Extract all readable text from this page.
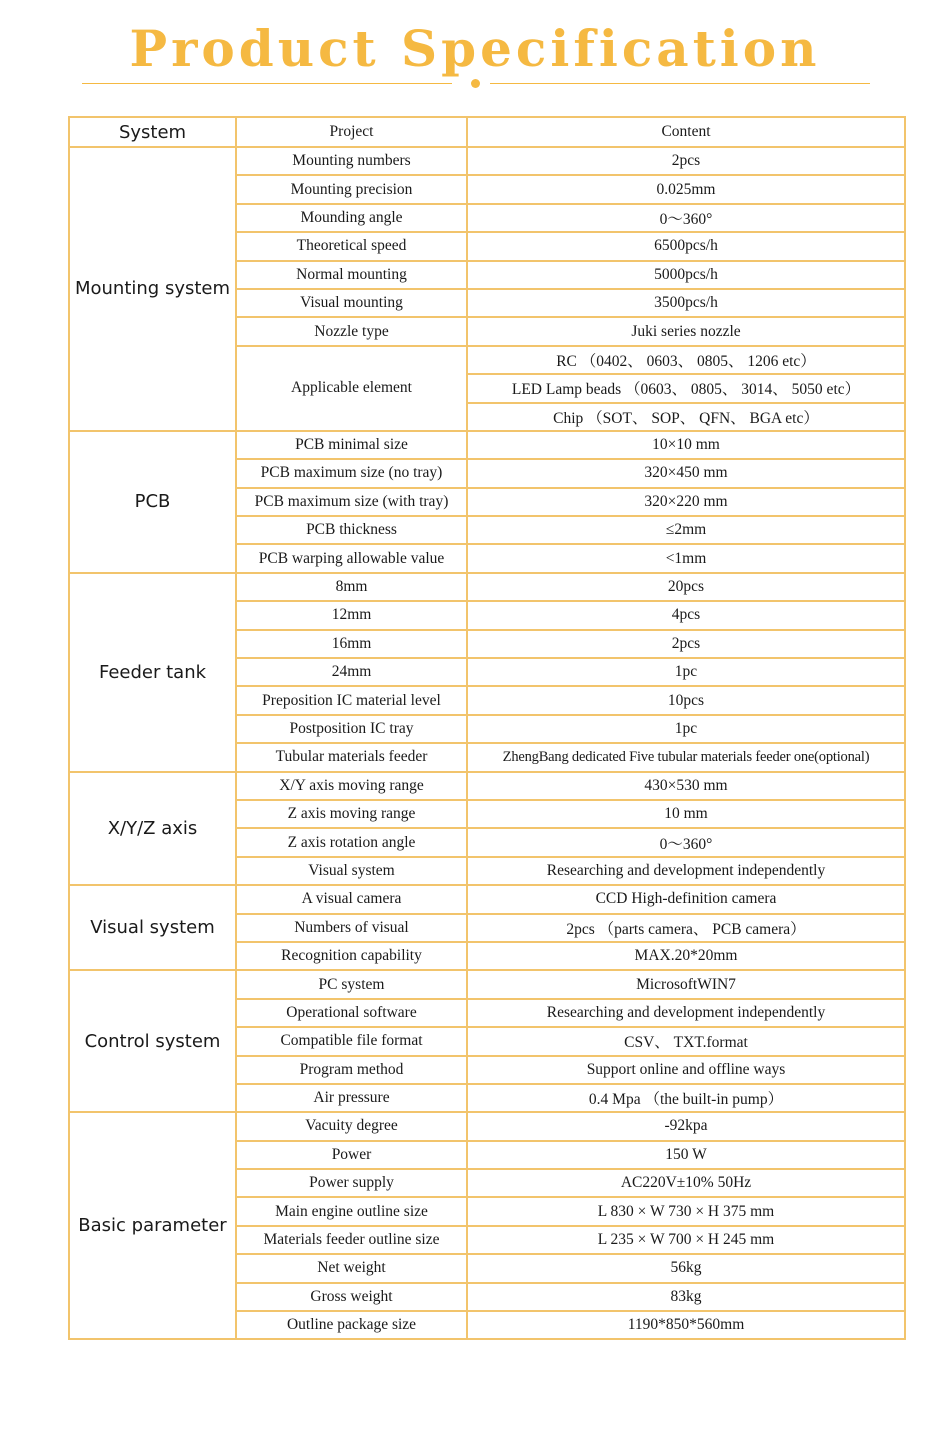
Product Specification
System	Project	Content
Mounting system	Mounting numbers	2pcs
	Mounting precision	0.025mm
	Mounding angle	0～360°
	Theoretical speed	6500pcs/h
	Normal mounting	5000pcs/h
	Visual mounting	3500pcs/h
	Nozzle type	Juki series nozzle
	Applicable element	RC （0402、 0603、 0805、 1206 etc）
		LED Lamp beads （0603、 0805、 3014、 5050 etc）
		Chip （SOT、 SOP、 QFN、 BGA etc）
PCB	PCB minimal size	10×10 mm
	PCB maximum size (no tray)	320×450 mm
	PCB maximum size (with tray)	320×220 mm
	PCB thickness	≤2mm
	PCB warping allowable value	<1mm
Feeder tank	8mm	20pcs
	12mm	4pcs
	16mm	2pcs
	24mm	1pc
	Preposition IC material level	10pcs
	Postposition IC tray	1pc
	Tubular materials feeder	ZhengBang dedicated Five tubular materials feeder one(optional)
X/Y/Z axis	X/Y axis moving range	430×530 mm
	Z axis moving range	10 mm
	Z axis rotation angle	0～360°
	Visual system	Researching and development independently
Visual system	A visual camera	CCD High-definition camera
	Numbers of visual	2pcs （parts camera、 PCB camera）
	Recognition capability	MAX.20*20mm
Control system	PC system	MicrosoftWIN7
	Operational software	Researching and development independently
	Compatible file format	CSV、 TXT.format
	Program method	Support online and offline ways
	Air pressure	0.4 Mpa （the built-in pump）
Basic parameter	Vacuity degree	-92kpa
	Power	150 W
	Power supply	AC220V±10% 50Hz
	Main engine outline size	L 830 × W 730 × H 375 mm
	Materials feeder outline size	L 235 × W 700 × H 245 mm
	Net weight	56kg
	Gross weight	83kg
	Outline package size	1190*850*560mm
